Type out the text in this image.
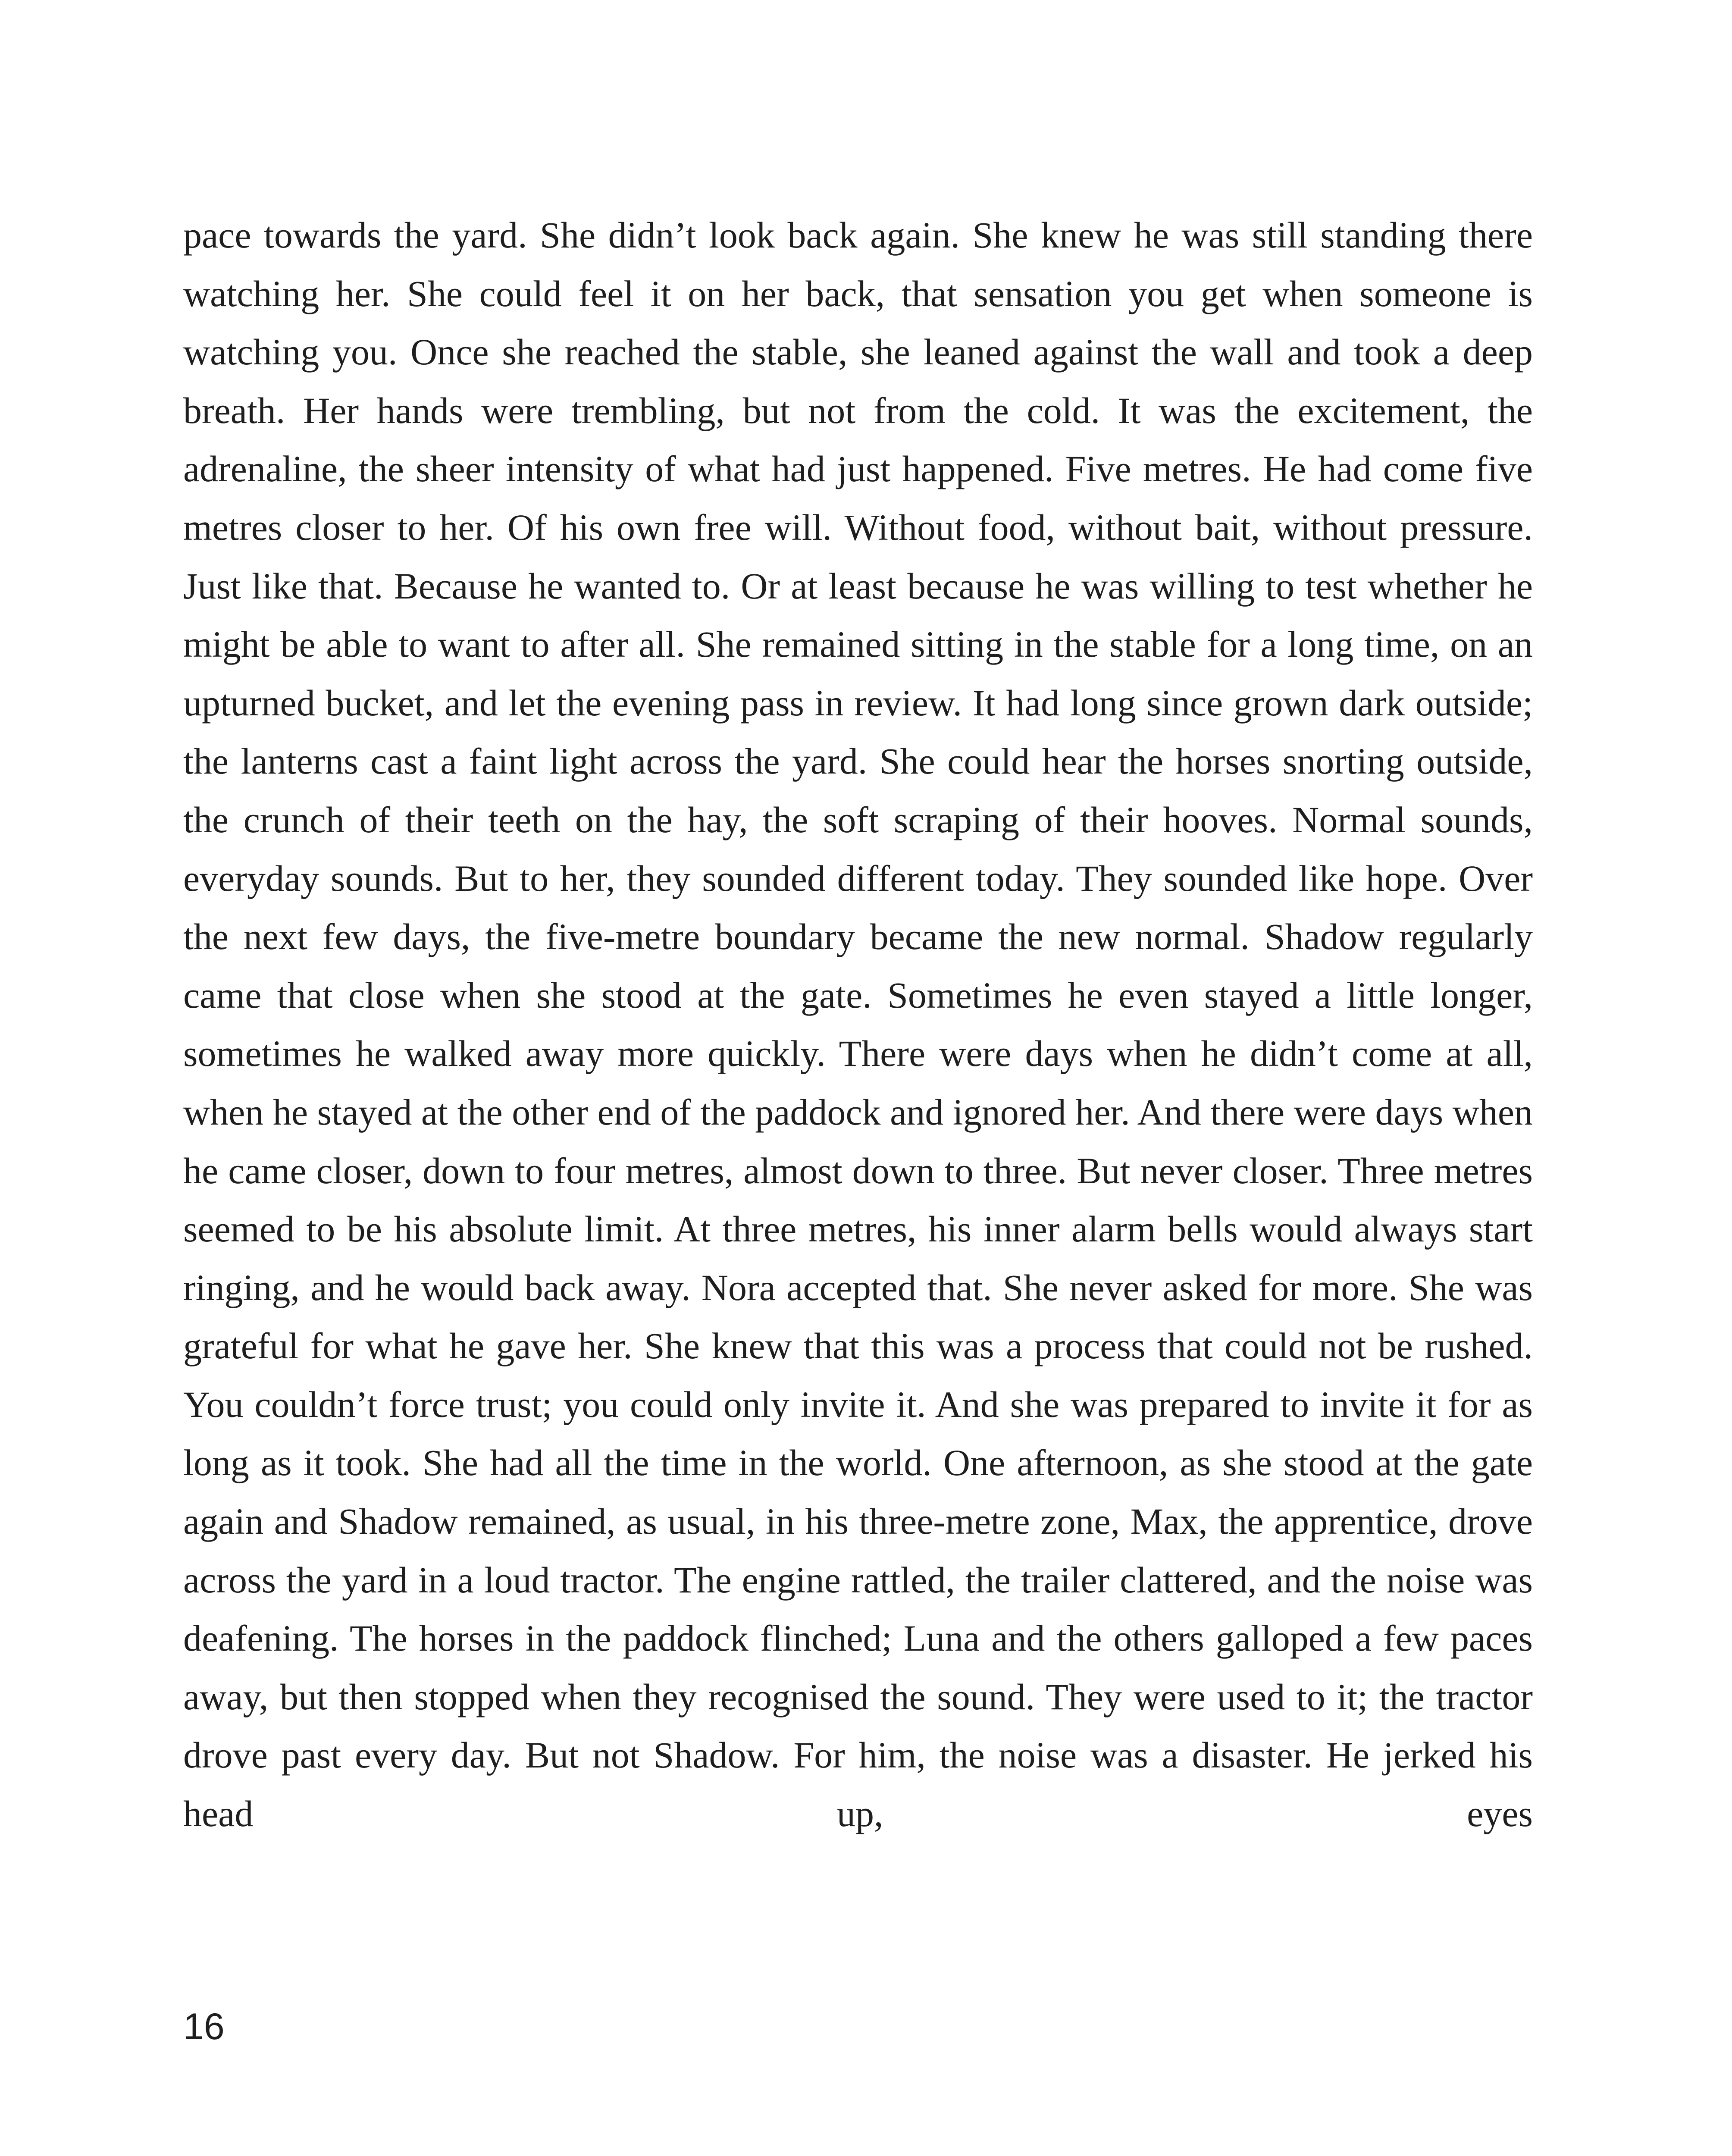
pace towards the yard. She didn’t look back again. She knew he was still standing there watching her. She could feel it on her back, that sensation you get when someone is watching you. Once she reached the stable, she leaned against the wall and took a deep breath. Her hands were trembling, but not from the cold. It was the excitement, the adrenaline, the sheer intensity of what had just happened. Five metres. He had come five metres closer to her. Of his own free will. Without food, without bait, without pressure. Just like that. Because he wanted to. Or at least because he was willing to test whether he might be able to want to after all. She remained sitting in the stable for a long time, on an upturned bucket, and let the evening pass in review. It had long since grown dark outside; the lanterns cast a faint light across the yard. She could hear the horses snorting outside, the crunch of their teeth on the hay, the soft scraping of their hooves. Normal sounds, everyday sounds. But to her, they sounded different today. They sounded like hope. Over the next few days, the five-metre boundary became the new normal. Shadow regularly came that close when she stood at the gate. Sometimes he even stayed a little longer, sometimes he walked away more quickly. There were days when he didn’t come at all, when he stayed at the other end of the paddock and ignored her. And there were days when he came closer, down to four metres, almost down to three. But never closer. Three metres seemed to be his absolute limit. At three metres, his inner alarm bells would always start ringing, and he would back away. Nora accepted that. She never asked for more. She was grateful for what he gave her. She knew that this was a process that could not be rushed. You couldn’t force trust; you could only invite it. And she was prepared to invite it for as long as it took. She had all the time in the world. One afternoon, as she stood at the gate again and Shadow remained, as usual, in his three-metre zone, Max, the apprentice, drove across the yard in a loud tractor. The engine rattled, the trailer clattered, and the noise was deafening. The horses in the paddock flinched; Luna and the others galloped a few paces away, but then stopped when they recognised the sound. They were used to it; the tractor drove past every day. But not Shadow. For him, the noise was a disaster. He jerked his head up, eyes

16
